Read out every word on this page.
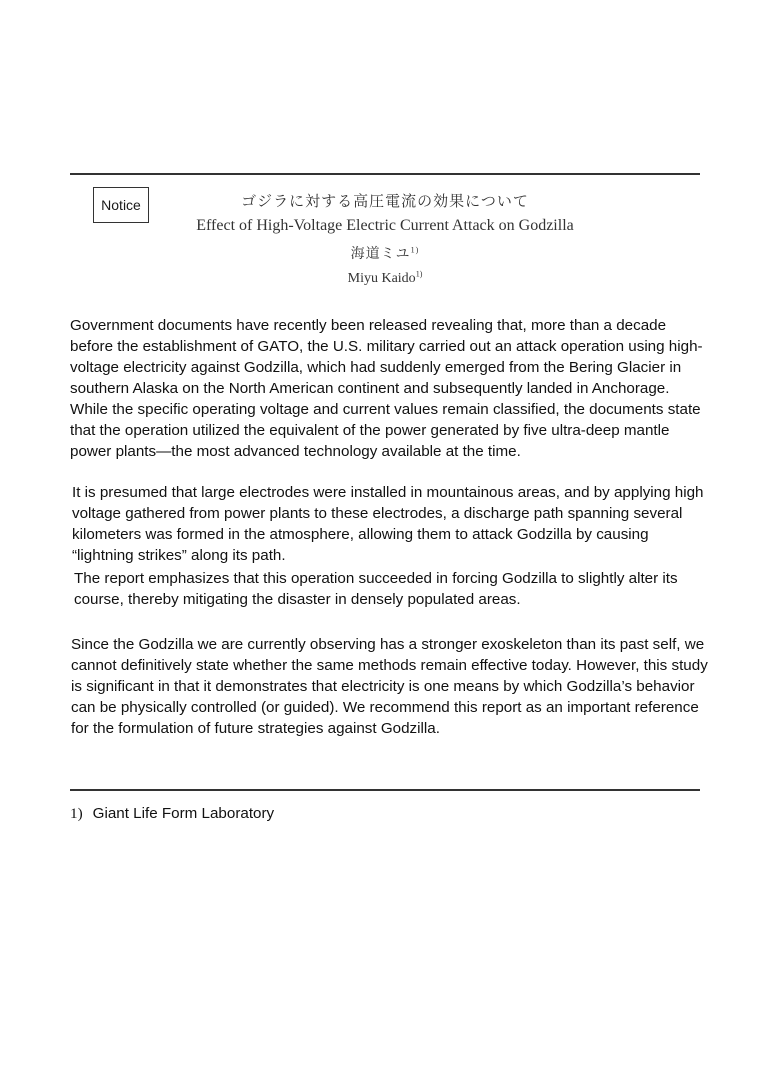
Notice	ゴジラに対する高圧電流の効果について
Effect of High-Voltage Electric Current Attack on Godzilla
海道ミユ$^{1)}$
Miyu Kaido$^{1)}$
Government documents have recently been released revealing that, more than a decade before the establishment of GATO, the U.S. military carried out an attack operation using high-voltage electricity against Godzilla, which had suddenly emerged from the Bering Glacier in southern Alaska on the North American continent and subsequently landed in Anchorage. While the specific operating voltage and current values remain classified, the documents state that the operation utilized the equivalent of the power generated by five ultra-deep mantle power plants—the most advanced technology available at the time.
It is presumed that large electrodes were installed in mountainous areas, and by applying high voltage gathered from power plants to these electrodes, a discharge path spanning several kilometers was formed in the atmosphere, allowing them to attack Godzilla by causing “lightning strikes” along its path.
The report emphasizes that this operation succeeded in forcing Godzilla to slightly alter its course, thereby mitigating the disaster in densely populated areas.
Since the Godzilla we are currently observing has a stronger exoskeleton than its past self, we cannot definitively state whether the same methods remain effective today. However, this study is significant in that it demonstrates that electricity is one means by which Godzilla’s behavior can be physically controlled (or guided). We recommend this report as an important reference for the formulation of future strategies against Godzilla.
1) Giant Life Form Laboratory
